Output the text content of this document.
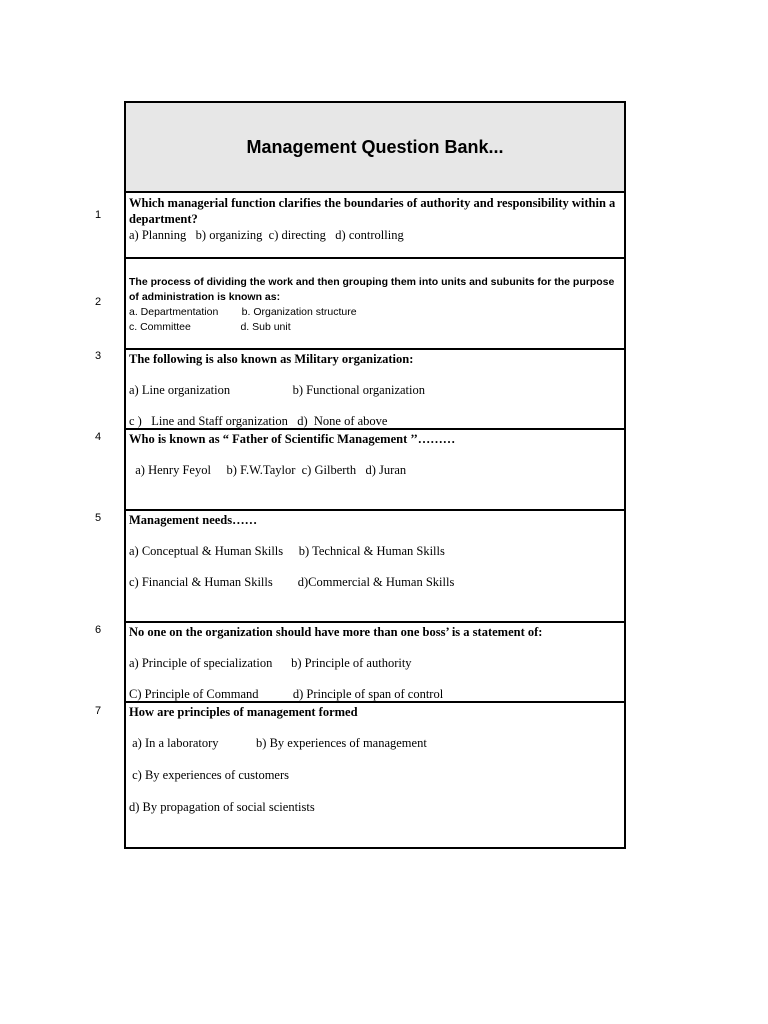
1
2
3
4
5
6
7
Management Question Bank...
Which managerial function clarifies the boundaries of authority and responsibility within a department?
a) Planning   b) organizing  c) directing   d) controlling
The process of dividing the work and then grouping them into units and subunits for the purpose of administration is known as:
a. Departmentation        b. Organization structure
c. Committee                 d. Sub unit
The following is also known as Military organization:
a) Line organization                    b) Functional organization
c )   Line and Staff organization   d)  None of above
Who is known as “ Father of Scientific Management ’’………
a) Henry Feyol     b) F.W.Taylor  c) Gilberth   d) Juran
Management needs……
a) Conceptual & Human Skills     b) Technical & Human Skills
c) Financial & Human Skills        d)Commercial & Human Skills
No one on the organization should have more than one boss’ is a statement of:
a) Principle of specialization      b) Principle of authority
C) Principle of Command           d) Principle of span of control
How are principles of management formed
a) In a laboratory            b) By experiences of management
c) By experiences of customers
d) By propagation of social scientists
